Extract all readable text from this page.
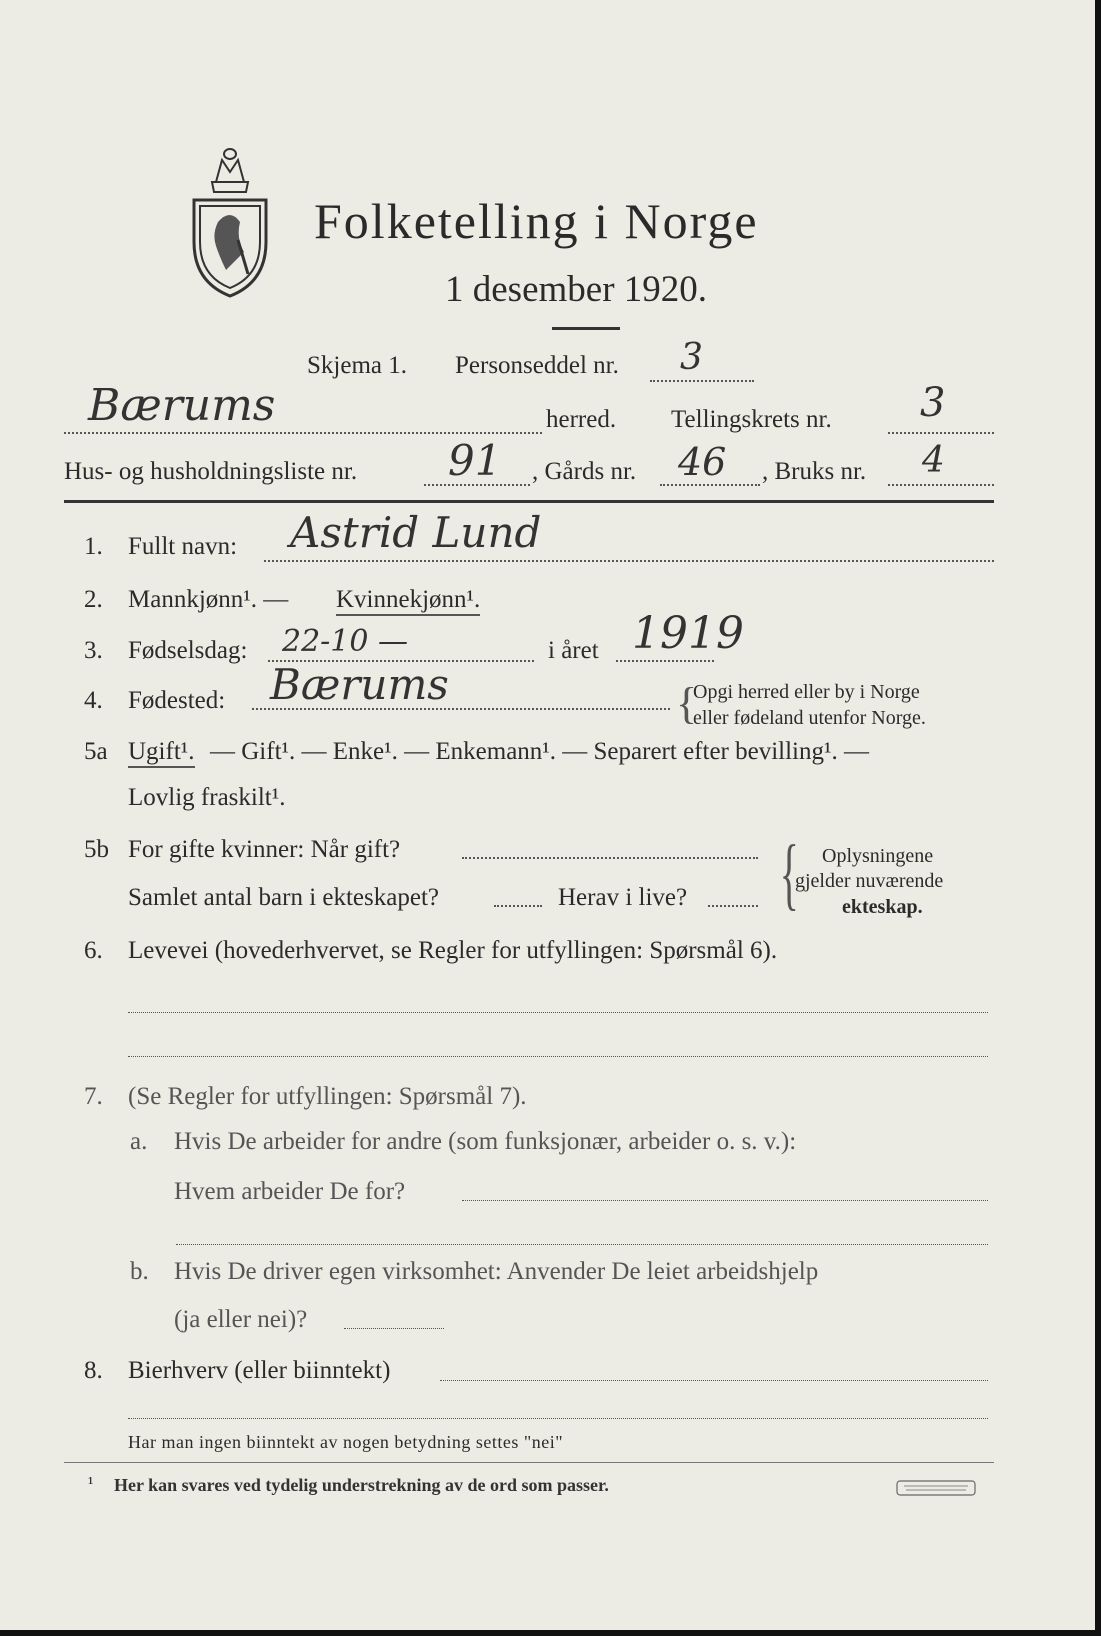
Folketelling i Norge
1 desember 1920.
Skjema 1. Personseddel nr. 3
Bærums	herred. Tellingskrets nr. 3
Hus- og husholdningsliste nr. 91 , Gårds nr. 46 , Bruks nr. 4
1. Fullt navn: Astrid Lund
2. Mannkjønn¹. — Kvinnekjønn¹.
3. Fødselsdag: 22-10 —	i året 1919
4. Fødested: Bærums	{
Opgi herred eller by i Norge
eller fødeland utenfor Norge.
5a Ugift¹. — Gift¹. — Enke¹. — Enkemann¹. — Separert efter bevilling¹. —
Lovlig fraskilt¹.
5b For gifte kvinner: Når gift?
Samlet antal barn i ekteskapet?	Herav i live? { Oplysningene
gjelder nuværende
ekteskap.
6. Levevei (hovederhvervet, se Regler for utfyllingen: Spørsmål 6).
7. (Se Regler for utfyllingen: Spørsmål 7).
a. Hvis De arbeider for andre (som funksjonær, arbeider o. s. v.):
Hvem arbeider De for?
b. Hvis De driver egen virksomhet: Anvender De leiet arbeidshjelp
(ja eller nei)?
8. Bierhverv (eller biinntekt)
Har man ingen biinntekt av nogen betydning settes "nei"
¹ Her kan svares ved tydelig understrekning av de ord som passer.
